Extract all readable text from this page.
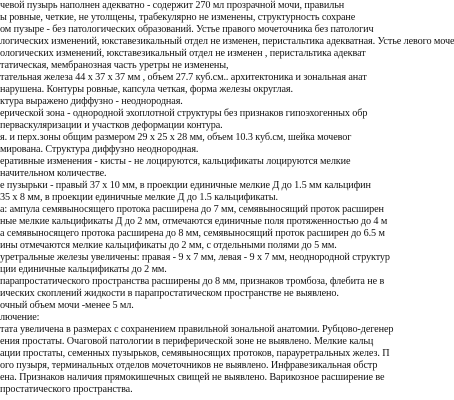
чевой пузырь наполнен адекватно - содержит 270 мл прозрачной мочи, правильн
ы ровные, четкие, не утолщены, трабекулярно не изменены, структурность сохране
ом пузыре - без патологических образований. Устье правого мочеточника без патологич
логических изменений, юкставезикальный отдел не изменен, перистальтика адекватная. Устье левого моче
ологических изменений, юкставезикальный отдел не изменен , перистальтика адекват
татическая, мембранозная часть уретры не изменены,
тательная железа 44 х 37 х 37 мм , объем 27.7 куб.см.. архитектоника и зональная анат
нарушена. Контуры ровные, капсула четкая, форма железы округлая.
ктура выражено диффузно - неоднородная.
ерической зона - однородной эхоплотной структуры без признаков гипоэхогенных обр
перваскуляризации и участков деформации контура.
я. и перх.зоны общим размером 29 х 25 х 28 мм, объем 10.3 куб.см, шейка мочевог
мирована. Структура диффузно неоднородная.
еративные изменения - кисты - не лоцируются, кальцификаты лоцируются мелкие
начительном количестве.
е пузырьки - правый 37 х 10 мм, в проекции единичные мелкие Д до 1.5 мм кальцифин
35 х 8 мм, в проекции единичные мелкие Д до 1.5 кальцификаты.
а: ампула семявыносящего протока расширена до 7 мм, семявыносящий проток расширен
ные мелкие кальцификаты Д до 2 мм, отмечаются единичные поля протяженностью до 4 м
а семявыносящего протока расширена до 8 мм, семявыносящий проток расширен до 6.5 м
ины отмечаются мелкие кальцификаты до 2 мм, с отдельными полями до 5 мм.
уретральные железы увеличены: правая - 9 х 7 мм, левая - 9 х 7 мм, неоднородной структур
ции единичные кальцификаты до 2 мм.
парапростатического пространства расширены до 8 мм, признаков тромбоза, флебита не в
ических скоплений жидкости в парапростатическом пространстве не выявлено.
очный объем мочи -менее 5 мл.
лючение:
тата увеличена в размерах с сохранением правильной зональной анатомии. Рубцово-дегенер
ения простаты. Очаговой патологии в периферической зоне не выявлено. Мелкие кальц
ации простаты, семенных пузырьков, семявыносящих протоков, парауретральных желез. П
ого пузыря, терминальных отделов мочеточников не выявлено. Инфравезикальная обстр
ена. Признаков наличия прямокишечных свищей не выявлено. Варикозное расширение ве
простатического пространства.
